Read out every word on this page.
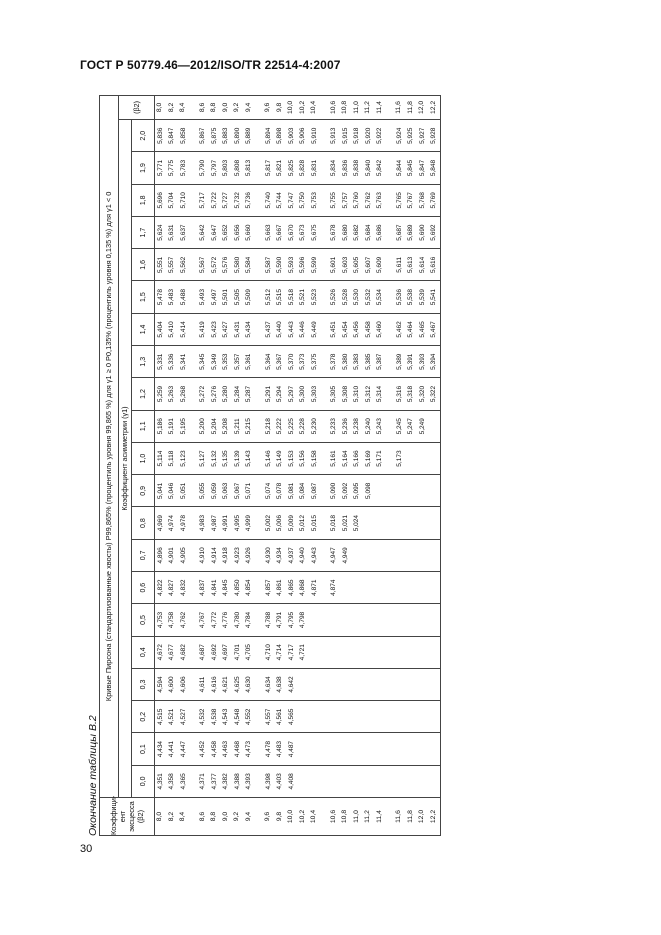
ГОСТ Р 50779.46—2012/ISO/TR 22514-4:2007
Окончание таблицы В.2 Коэффици-ент эксцесса (β2)	Кривые Пирсона (стандартизованные хвосты) P99,865% (процентиль уровня 99,865 %) для γ1 ≥ 0 P0,135% (процентиль уровня 0,135 %) для γ1 < 0																					
	Коэффициент асимметрии (γ1)																					(β2)
	0,0	0,1	0,2	0,3	0,4	0,5	0,6	0,7	0,8	0,9	1,0	1,1	1,2	1,3	1,4	1,5	1,6	1,7	1,8	1,9	2,0	
8,0	4,351	4,434	4,515	4,594	4,672	4,753	4,822	4,896	4,969	5,041	5,114	5,186	5,259	5,331	5,404	5,478	5,551	5,624	5,696	5,771	5,836	8,0
8,2	4,358	4,441	4,521	4,600	4,677	4,758	4,827	4,901	4,974	5,046	5,118	5,191	5,263	5,336	5,410	5,483	5,557	5,631	5,704	5,775	5,847	8,2
8,4	4,365	4,447	4,527	4,606	4,682	4,762	4,832	4,905	4,978	5,051	5,123	5,195	5,268	5,341	5,414	5,488	5,562	5,637	5,710	5,783	5,858	8,4

8,6	4,371	4,452	4,532	4,611	4,687	4,767	4,837	4,910	4,983	5,055	5,127	5,200	5,272	5,345	5,419	5,493	5,567	5,642	5,717	5,790	5,867	8,6
8,8	4,377	4,458	4,538	4,616	4,692	4,772	4,841	4,914	4,987	5,059	5,132	5,204	5,276	5,349	5,423	5,497	5,572	5,647	5,722	5,797	5,875	8,8
9,0	4,382	4,463	4,543	4,621	4,697	4,776	4,845	4,918	4,991	5,063	5,135	5,208	5,280	5,353	5,427	5,501	5,576	5,652	5,727	5,803	5,883	9,0
9,2	4,388	4,468	4,548	4,625	4,701	4,780	4,850	4,923	4,995	5,067	5,139	5,211	5,284	5,357	5,431	5,505	5,580	5,656	5,732	5,808	5,890	9,2
9,4	4,393	4,473	4,552	4,630	4,705	4,784	4,854	4,926	4,999	5,071	5,143	5,215	5,287	5,361	5,434	5,509	5,584	5,660	5,736	5,813	5,889	9,4

9,6	4,398	4,478	4,557	4,634	4,710	4,788	4,857	4,930	5,002	5,074	5,146	5,218	5,291	5,364	5,437	5,512	5,587	5,663	5,740	5,817	5,894	9,6
9,8	4,403	4,483	4,561	4,638	4,714	4,791	4,861	4,934	5,006	5,078	5,149	5,222	5,294	5,367	5,440	5,515	5,590	5,667	5,744	5,821	5,898	9,8
10,0	4,408	4,487	4,565	4,642	4,717	4,795	4,865	4,937	5,009	5,081	5,153	5,225	5,297	5,370	5,443	5,518	5,593	5,670	5,747	5,825	5,903	10,0
10,2					4,721	4,798	4,868	4,940	5,012	5,084	5,156	5,228	5,300	5,373	5,446	5,521	5,596	5,673	5,750	5,828	5,906	10,2
10,4							4,871	4,943	5,015	5,087	5,158	5,230	5,303	5,375	5,449	5,523	5,599	5,675	5,753	5,831	5,910	10,4

10,6							4,874	4,947	5,018	5,090	5,161	5,233	5,305	5,378	5,451	5,526	5,601	5,678	5,755	5,834	5,913	10,6
10,8								4,949	5,021	5,092	5,164	5,236	5,308	5,380	5,454	5,528	5,603	5,680	5,757	5,836	5,915	10,8
11,0									5,024	5,095	5,166	5,238	5,310	5,383	5,456	5,530	5,605	5,682	5,760	5,838	5,918	11,0
11,2										5,098	5,169	5,240	5,312	5,385	5,458	5,532	5,607	5,684	5,762	5,840	5,920	11,2
11,4											5,171	5,243	5,314	5,387	5,460	5,534	5,609	5,686	5,763	5,842	5,922	11,4

11,6											5,173	5,245	5,316	5,389	5,462	5,536	5,611	5,687	5,765	5,844	5,924	11,6
11,8												5,247	5,318	5,391	5,464	5,538	5,613	5,689	5,767	5,845	5,925	11,8
12,0												5,249	5,320	5,393	5,465	5,539	5,614	5,690	5,768	5,847	5,927	12,0
12,2													5,322	5,394	5,467	5,541	5,616	5,692	5,769	5,848	5,928	12,2
30
